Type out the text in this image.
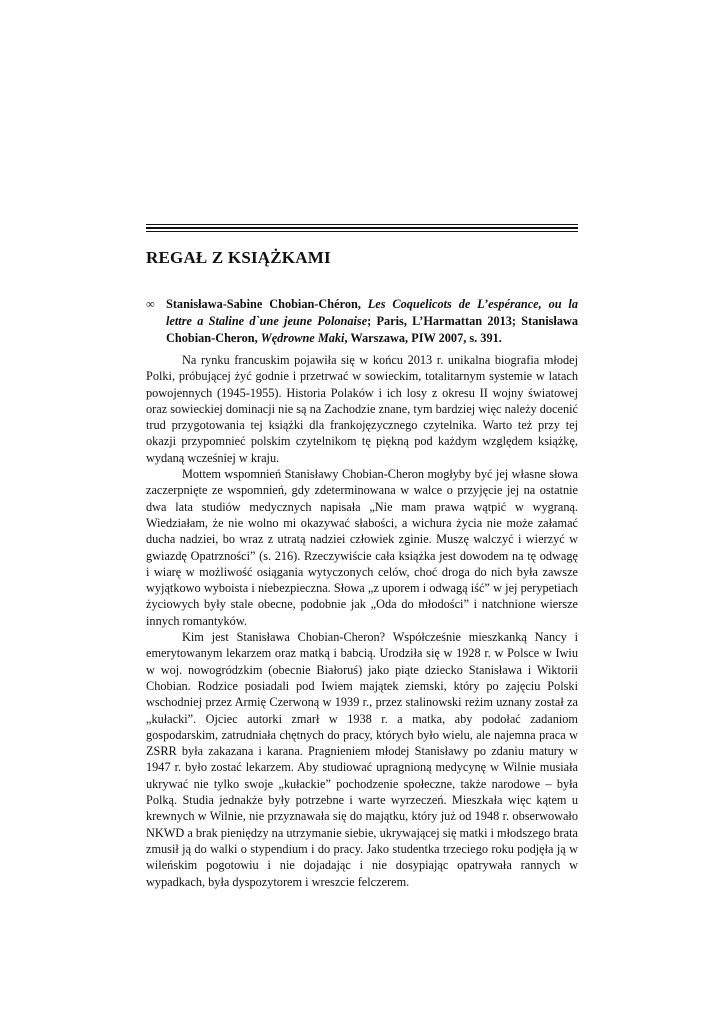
REGAŁ Z KSIĄŻKAMI
∞ Stanisława-Sabine Chobian-Chéron, Les Coquelicots de L’espérance, ou la lettre a Staline d`une jeune Polonaise; Paris, L’Harmattan 2013; Stanisława Chobian-Cheron, Wędrowne Maki, Warszawa, PIW 2007, s. 391.

Na rynku francuskim pojawiła się w końcu 2013 r. unikalna biografia młodej Polki, próbującej żyć godnie i przetrwać w sowieckim, totalitarnym systemie w latach powojennych (1945-1955). Historia Polaków i ich losy z okresu II wojny światowej oraz sowieckiej dominacji nie są na Zachodzie znane, tym bardziej więc należy docenić trud przygotowania tej książki dla frankojęzycznego czytelnika. Warto też przy tej okazji przypomnieć polskim czytelnikom tę piękną pod każdym względem książkę, wydaną wcześniej w kraju.

Mottem wspomnień Stanisławy Chobian-Cheron mogłyby być jej własne słowa zaczerpnięte ze wspomnień, gdy zdeterminowana w walce o przyjęcie jej na ostatnie dwa lata studiów medycznych napisała „Nie mam prawa wątpić w wygraną. Wiedziałam, że nie wolno mi okazywać słabości, a wichura życia nie może załamać ducha nadziei, bo wraz z utratą nadziei człowiek zginie. Muszę walczyć i wierzyć w gwiazdę Opatrzności” (s. 216). Rzeczywiście cała książka jest dowodem na tę odwagę i wiarę w możliwość osiągania wytyczonych celów, choć droga do nich była zawsze wyjątkowo wyboista i niebezpieczna. Słowa „z uporem i odwagą iść” w jej perypetiach życiowych były stale obecne, podobnie jak „Oda do młodości” i natchnione wiersze innych romantyków.

Kim jest Stanisława Chobian-Cheron? Współcześnie mieszkanką Nancy i emerytowanym lekarzem oraz matką i babcią. Urodziła się w 1928 r. w Polsce w Iwiu w woj. nowogródzkim (obecnie Białoruś) jako piąte dziecko Stanisława i Wiktorii Chobian. Rodzice posiadali pod Iwiem majątek ziemski, który po zajęciu Polski wschodniej przez Armię Czerwoną w 1939 r., przez stalinowski reżim uznany został za „kułacki”. Ojciec autorki zmarł w 1938 r. a matka, aby podołać zadaniom gospodarskim, zatrudniała chętnych do pracy, których było wielu, ale najemna praca w ZSRR była zakazana i karana. Pragnieniem młodej Stanisławy po zdaniu matury w 1947 r. było zostać lekarzem. Aby studiować upragnioną medycynę w Wilnie musiała ukrywać nie tylko swoje „kułackie” pochodzenie społeczne, także narodowe – była Polką. Studia jednakże były potrzebne i warte wyrzeczeń. Mieszkała więc kątem u krewnych w Wilnie, nie przyznawała się do majątku, który już od 1948 r. obserwowało NKWD a brak pieniędzy na utrzymanie siebie, ukrywającej się matki i młodszego brata zmusił ją do walki o stypendium i do pracy. Jako studentka trzeciego roku podjęła ją w wileńskim pogotowiu i nie dojadając i nie dosypiając opatrywała rannych w wypadkach, była dyspozytorem i wreszcie felczerem.
